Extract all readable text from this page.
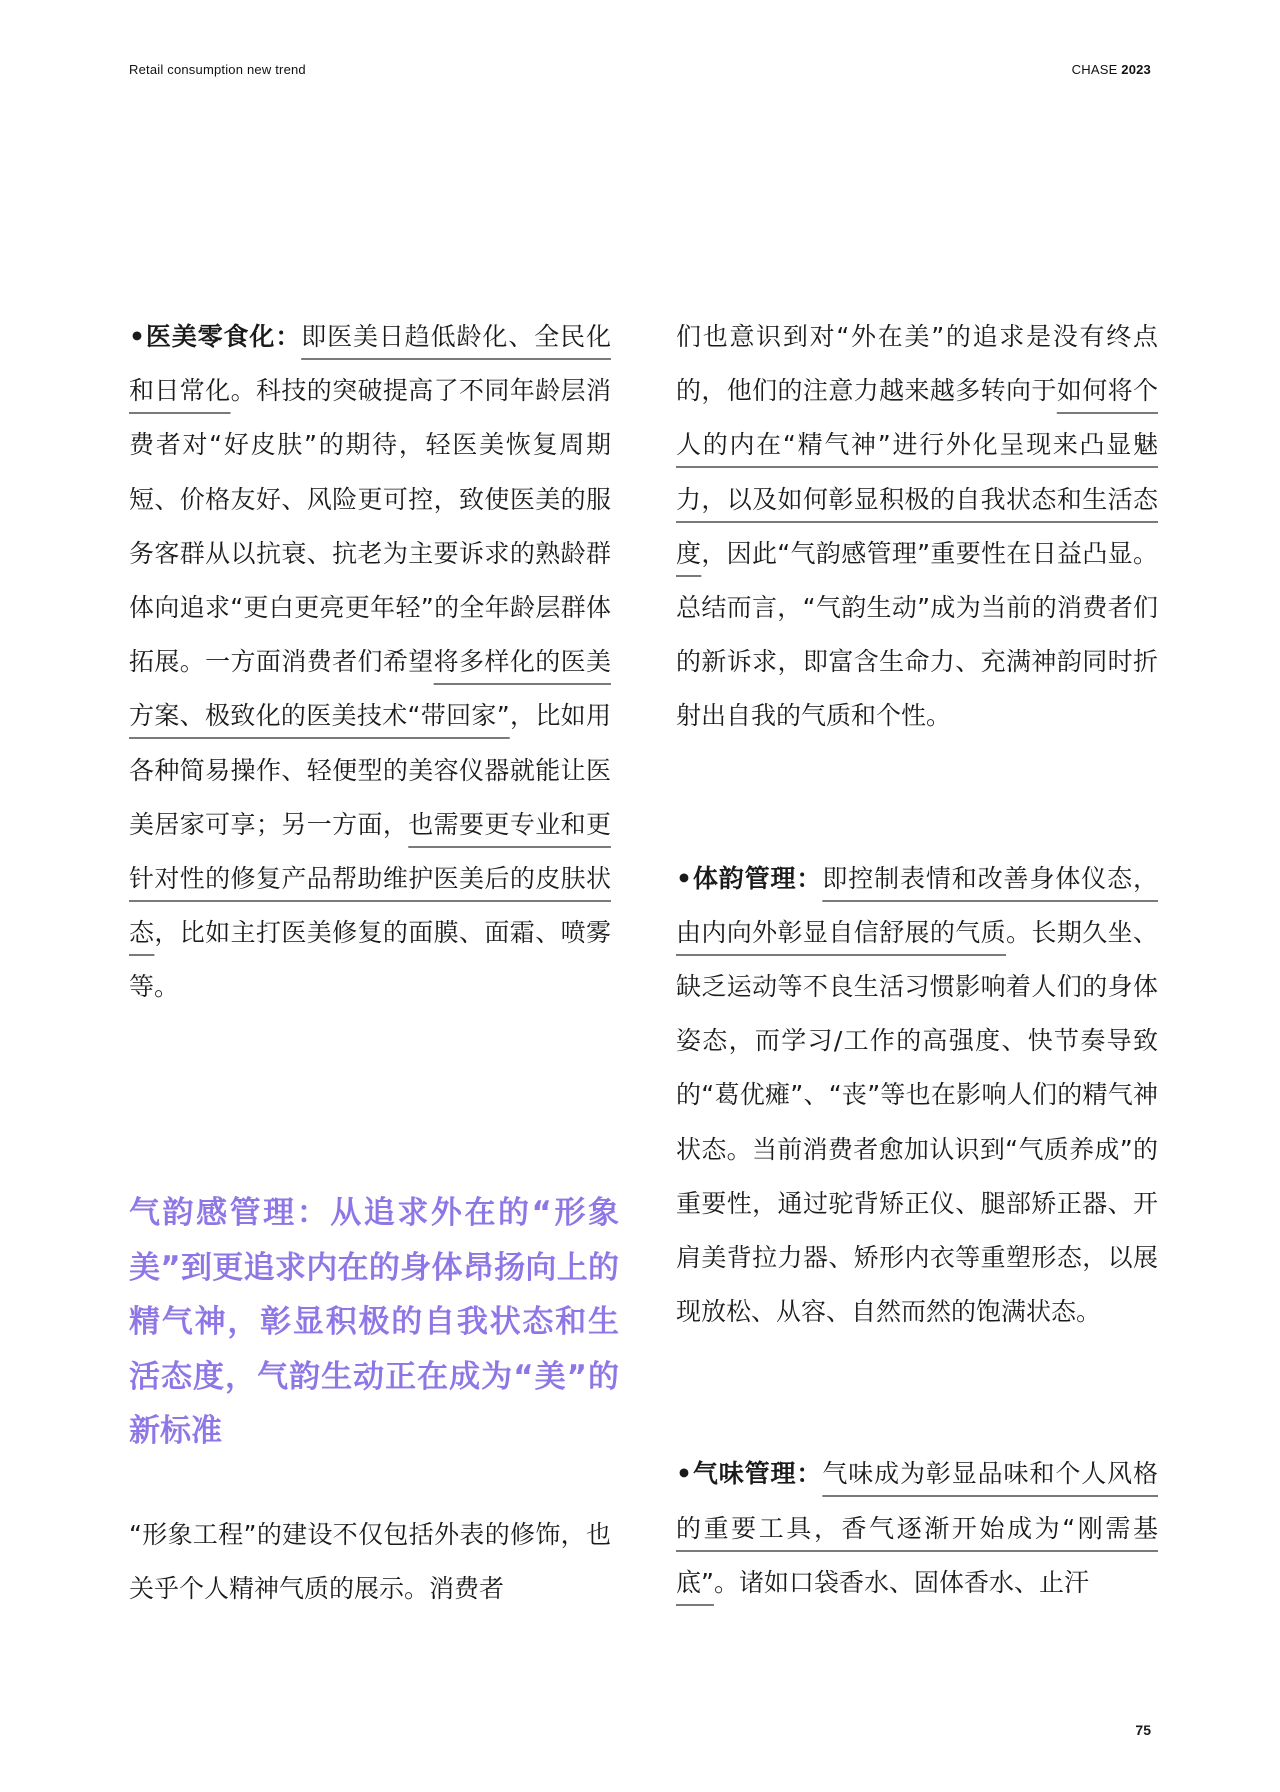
Retail consumption new trend	CHASE 2023

•医美零食化：即医美日趋低龄化、全民化和日常化。科技的突破提高了不同年龄层消费者对“好皮肤”的期待，轻医美恢复周期短、价格友好、风险更可控，致使医美的服务客群从以抗衰、抗老为主要诉求的熟龄群体向追求“更白更亮更年轻”的全年龄层群体拓展。一方面消费者们希望将多样化的医美方案、极致化的医美技术“带回家”，比如用各种简易操作、轻便型的美容仪器就能让医美居家可享；另一方面，也需要更专业和更针对性的修复产品帮助维护医美后的皮肤状态，比如主打医美修复的面膜、面霜、喷雾等。

气韵感管理：从追求外在的“形象美”到更追求内在的身体昂扬向上的精气神，彰显积极的自我状态和生活态度，气韵生动正在成为“美”的新标准

“形象工程”的建设不仅包括外表的修饰，也关乎个人精神气质的展示。消费者

们也意识到对“外在美”的追求是没有终点的，他们的注意力越来越多转向于如何将个人的内在“精气神”进行外化呈现来凸显魅力，以及如何彰显积极的自我状态和生活态度，因此“气韵感管理”重要性在日益凸显。总结而言，“气韵生动”成为当前的消费者们的新诉求，即富含生命力、充满神韵同时折射出自我的气质和个性。

•体韵管理：即控制表情和改善身体仪态，由内向外彰显自信舒展的气质。长期久坐、缺乏运动等不良生活习惯影响着人们的身体姿态，而学习/工作的高强度、快节奏导致的“葛优瘫”、“丧”等也在影响人们的精气神状态。当前消费者愈加认识到“气质养成”的重要性，通过驼背矫正仪、腿部矫正器、开肩美背拉力器、矫形内衣等重塑形态，以展现放松、从容、自然而然的饱满状态。

•气味管理：气味成为彰显品味和个人风格的重要工具，香气逐渐开始成为“刚需基底”。诸如口袋香水、固体香水、止汗

75
